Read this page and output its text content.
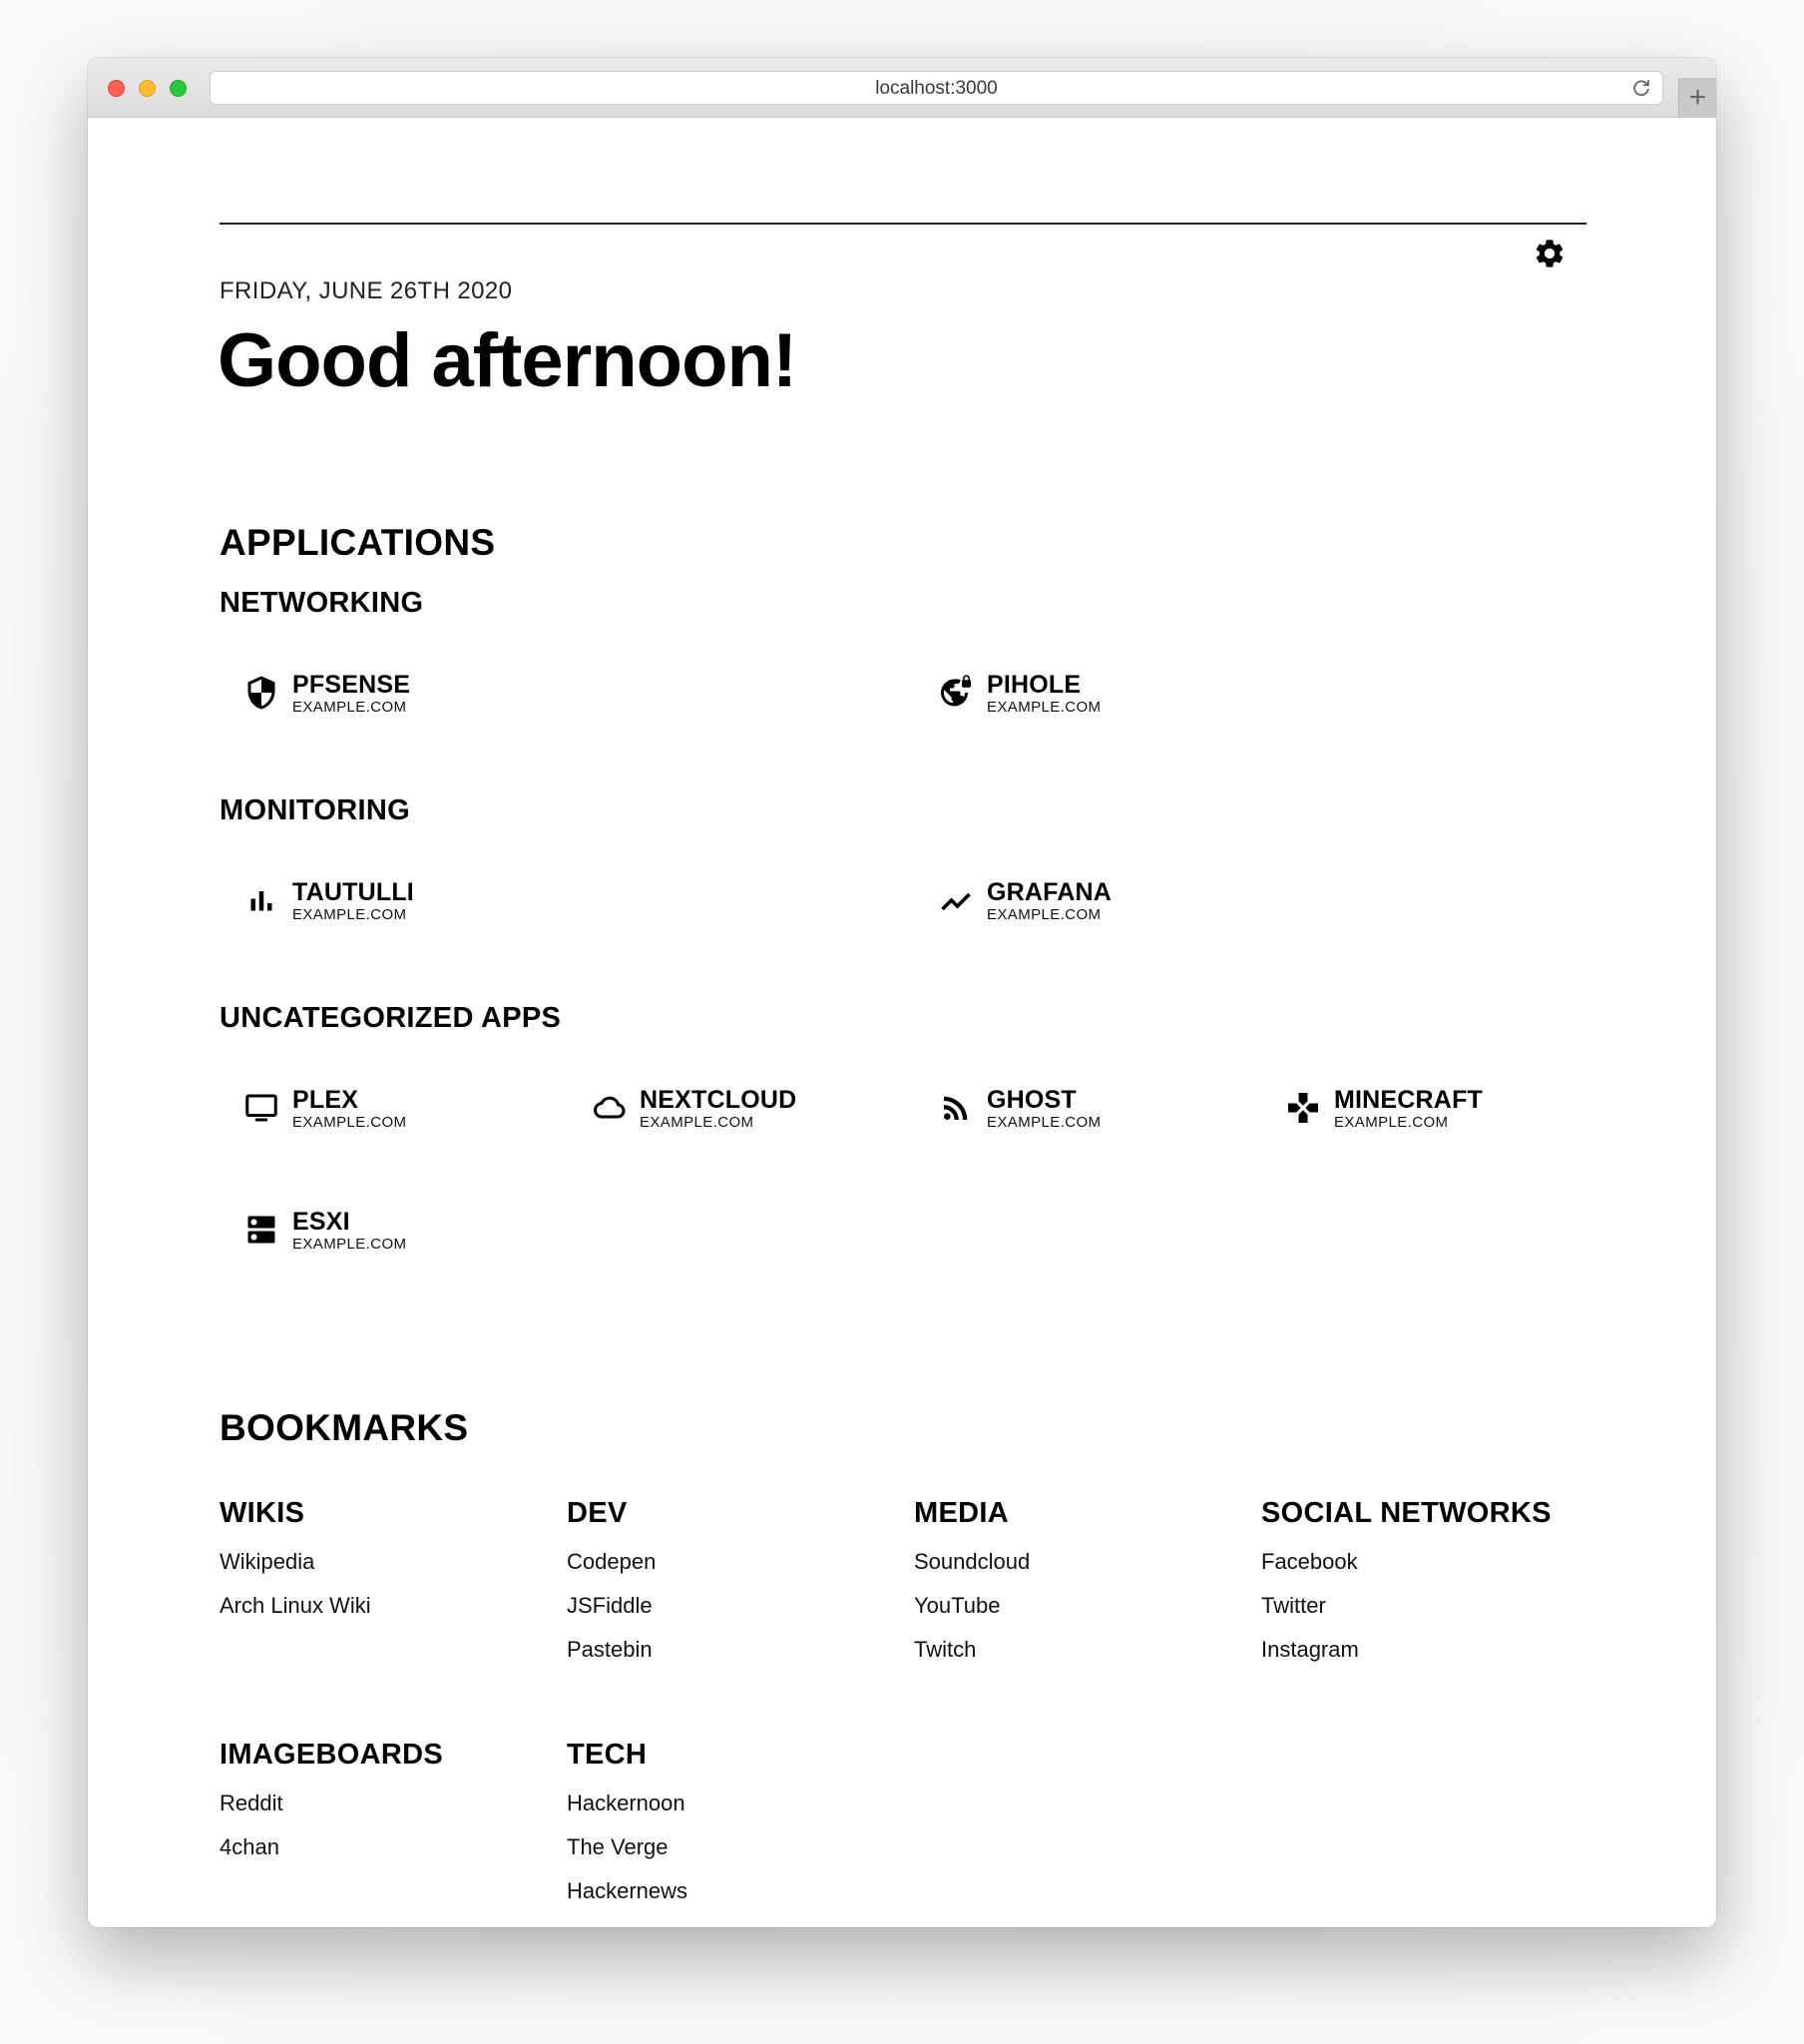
localhost:3000	+
FRIDAY, JUNE 26TH 2020
Good afternoon!
APPLICATIONS
NETWORKING
PFSENSE
EXAMPLE.COM
PIHOLE
EXAMPLE.COM
MONITORING
TAUTULLI
EXAMPLE.COM
GRAFANA
EXAMPLE.COM
UNCATEGORIZED APPS
PLEX
EXAMPLE.COM
NEXTCLOUD
EXAMPLE.COM
GHOST
EXAMPLE.COM
MINECRAFT
EXAMPLE.COM
ESXI
EXAMPLE.COM
BOOKMARKS
WIKIS
Wikipedia
Arch Linux Wiki
DEV
Codepen
JSFiddle
Pastebin
MEDIA
Soundcloud
YouTube
Twitch
SOCIAL NETWORKS
Facebook
Twitter
Instagram
IMAGEBOARDS
Reddit
4chan
TECH
Hackernoon
The Verge
Hackernews
